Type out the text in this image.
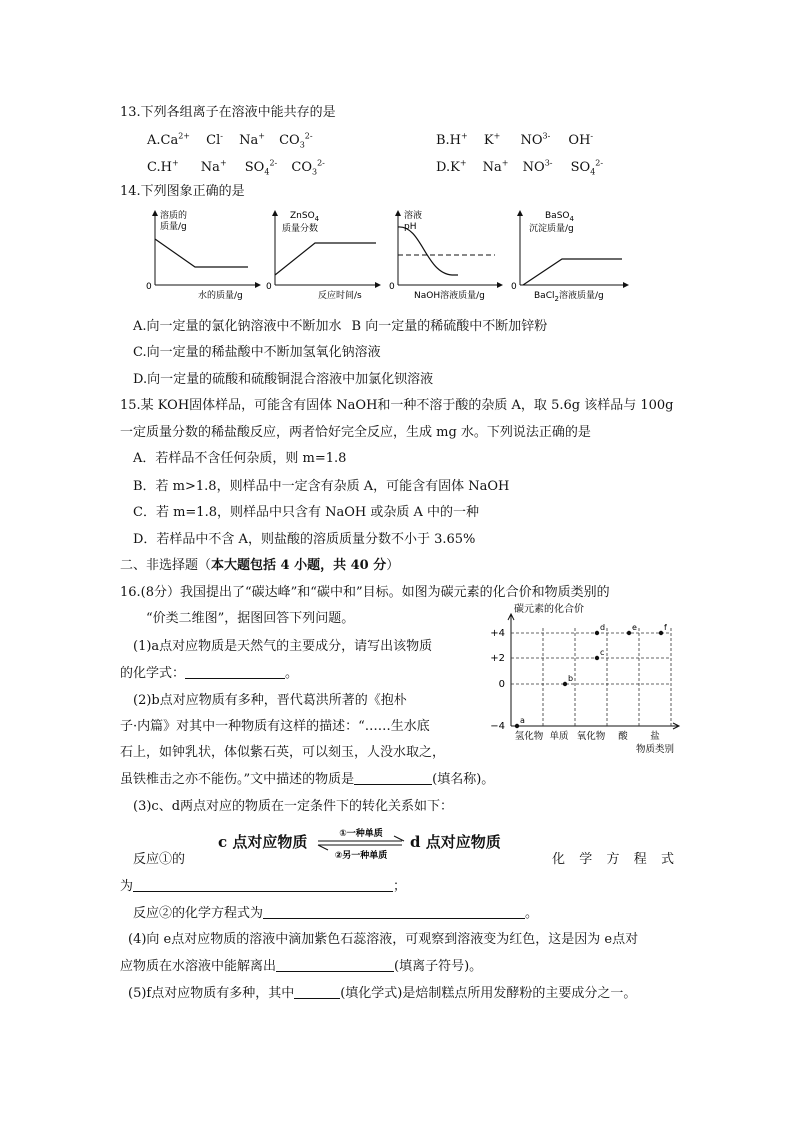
13.下列各组离子在溶液中能共存的是
$A.Ca^{2+}$ Cl- Na+ $CO_3^{2-}$	B.H+ K+ $NO^{3-}$ OH-
C.H+ Na+ $SO_4^{2-}$ $CO_3^{2-}$	D.K+ Na+ $NO^{3-}$ $SO_4^{2-}$
14.下列图象正确的是
溶质的
质量/g
0
水的质量/g
ZnSO$_4$
质量分数
0
反应时间/s
溶液
pH
0
NaOH溶液质量/g
BaSO$_4$
沉淀质量/g
0
BaCl$_2$溶液质量/g
A.向一定量的氯化钠溶液中不断加水 B 向一定量的稀硫酸中不断加锌粉
C.向一定量的稀盐酸中不断加氢氧化钠溶液
D.向一定量的硫酸和硫酸铜混合溶液中加氯化钡溶液
15.某 KOH固体样品，可能含有固体 NaOH和一种不溶于酸的杂质 A，取 5.6g 该样品与 100g
一定质量分数的稀盐酸反应，两者恰好完全反应，生成 mg 水。下列说法正确的是
A．若样品不含任何杂质，则 m=1.8
B．若 m>1.8，则样品中一定含有杂质 A，可能含有固体 NaOH
C．若 m=1.8，则样品中只含有 NaOH 或杂质 A 中的一种
D．若样品中不含 A，则盐酸的溶质质量分数不小于 3.65%
二、非选择题（本大题包括 4 小题，共 40 分）
16.(8分）我国提出了“碳达峰”和“碳中和”目标。如图为碳元素的化合价和物质类别的
“价类二维图”，据图回答下列问题。
(1)a点对应物质是天然气的主要成分，请写出该物质
的化学式：	。
(2)b点对应物质有多种，晋代葛洪所著的《抱朴
子·内篇》对其中一种物质有这样的描述：“……生水底
石上，如钟乳状，体似紫石英，可以刻玉，人没水取之，
虽铁椎击之亦不能伤。”文中描述的物质是	(填名称)。
(3)c、d两点对应的物质在一定条件下的转化关系如下：
c 点对应物质	①一种单质
②另一种单质
d 点对应物质
反应①的	化 学 方 程 式
为	；
反应②的化学方程式为	。
(4)向 e点对应物质的溶液中滴加紫色石蕊溶液，可观察到溶液变为红色，这是因为 e点对
应物质在水溶液中能解离出	(填离子符号)。
(5)f点对应物质有多种，其中	(填化学式)是焙制糕点所用发酵粉的主要成分之一。
碳元素的化合价
物质类别
+4
+2
0
−4
氢化物 单质 氧化物 酸 盐
a
b
c
d	e	f
